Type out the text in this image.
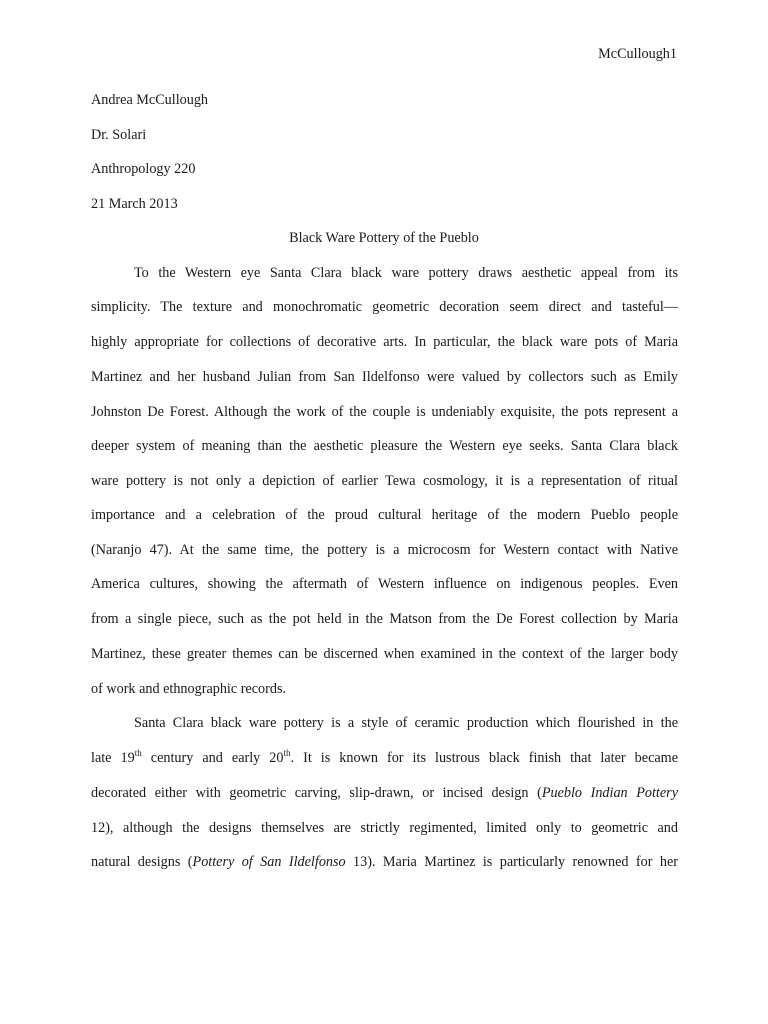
McCullough1
Andrea McCullough
Dr. Solari
Anthropology 220
21 March 2013
Black Ware Pottery of the Pueblo
To the Western eye Santa Clara black ware pottery draws aesthetic appeal from its
simplicity. The texture and monochromatic geometric decoration seem direct and tasteful—
highly appropriate for collections of decorative arts. In particular, the black ware pots of Maria
Martinez and her husband Julian from San Ildelfonso were valued by collectors such as Emily
Johnston De Forest. Although the work of the couple is undeniably exquisite, the pots represent a
deeper system of meaning than the aesthetic pleasure the Western eye seeks. Santa Clara black
ware pottery is not only a depiction of earlier Tewa cosmology, it is a representation of ritual
importance and a celebration of the proud cultural heritage of the modern Pueblo people
(Naranjo 47). At the same time, the pottery is a microcosm for Western contact with Native
America cultures, showing the aftermath of Western influence on indigenous peoples. Even
from a single piece, such as the pot held in the Matson from the De Forest collection by Maria
Martinez, these greater themes can be discerned when examined in the context of the larger body
of work and ethnographic records.
Santa Clara black ware pottery is a style of ceramic production which flourished in the
late 19th century and early 20th. It is known for its lustrous black finish that later became
decorated either with geometric carving, slip-drawn, or incised design (Pueblo Indian Pottery
12), although the designs themselves are strictly regimented, limited only to geometric and
natural designs (Pottery of San Ildelfonso 13). Maria Martinez is particularly renowned for her
